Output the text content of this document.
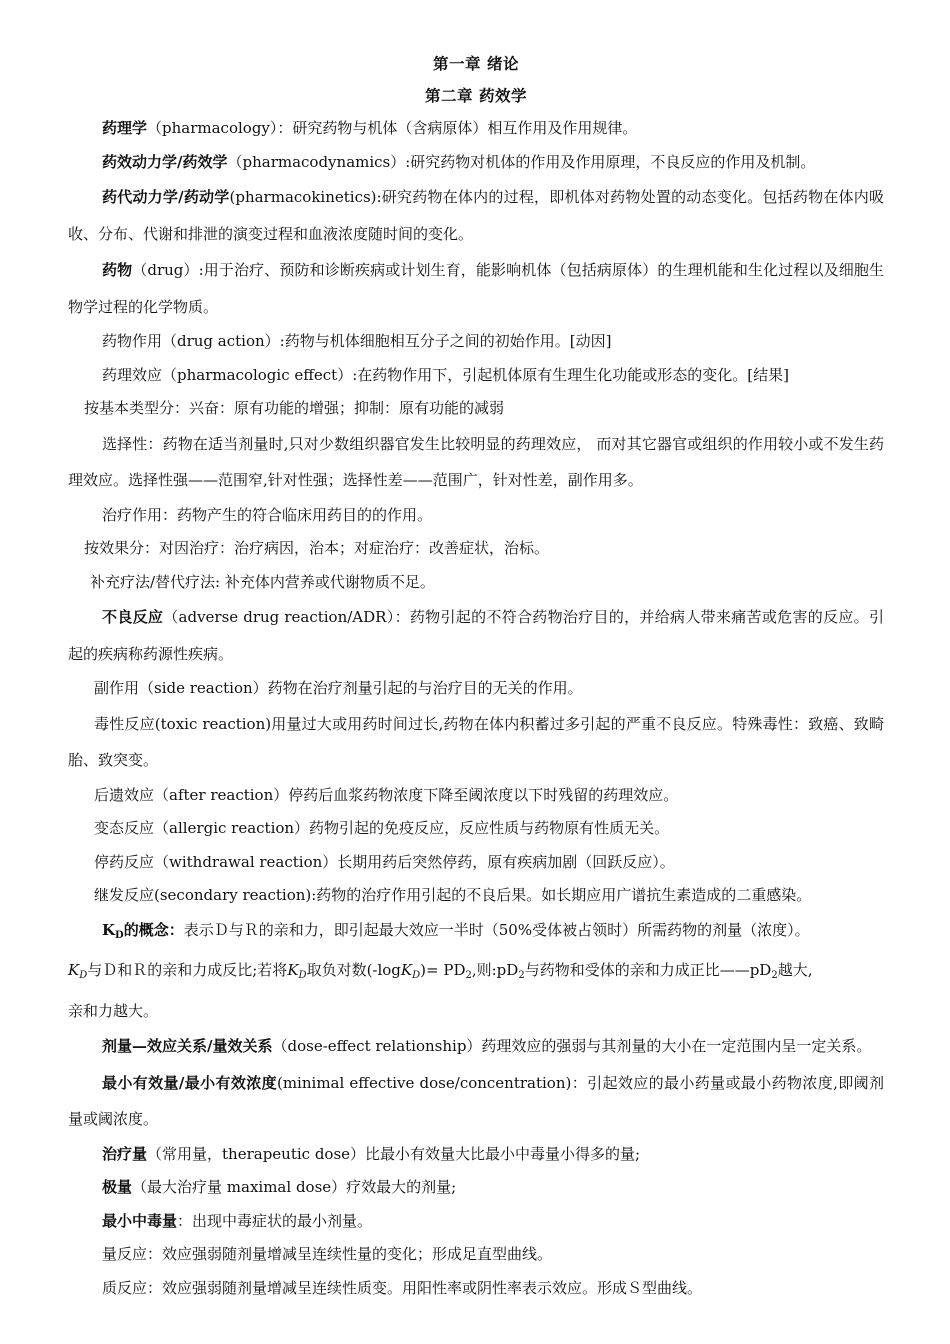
第一章 绪论
第二章 药效学

药理学（pharmacology）：研究药物与机体（含病原体）相互作用及作用规律。

药效动力学/药效学（pharmacodynamics）:研究药物对机体的作用及作用原理，不良反应的作用及机制。

药代动力学/药动学(pharmacokinetics):研究药物在体内的过程，即机体对药物处置的动态变化。包括药物在体内吸收、分布、代谢和排泄的演变过程和血液浓度随时间的变化。

药物（drug）:用于治疗、预防和诊断疾病或计划生育，能影响机体（包括病原体）的生理机能和生化过程以及细胞生物学过程的化学物质。

药物作用（drug action）:药物与机体细胞相互分子之间的初始作用。[动因]

药理效应（pharmacologic effect）:在药物作用下，引起机体原有生理生化功能或形态的变化。[结果]

按基本类型分：兴奋：原有功能的增强；抑制：原有功能的减弱

选择性：药物在适当剂量时,只对少数组织器官发生比较明显的药理效应， 而对其它器官或组织的作用较小或不发生药理效应。选择性强——范围窄,针对性强；选择性差——范围广，针对性差，副作用多。

治疗作用：药物产生的符合临床用药目的的作用。

按效果分：对因治疗：治疗病因，治本；对症治疗：改善症状，治标。

补充疗法/替代疗法: 补充体内营养或代谢物质不足。

不良反应（adverse drug reaction/ADR）：药物引起的不符合药物治疗目的，并给病人带来痛苦或危害的反应。引起的疾病称药源性疾病。

副作用（side reaction）药物在治疗剂量引起的与治疗目的无关的作用。

毒性反应(toxic reaction)用量过大或用药时间过长,药物在体内积蓄过多引起的严重不良反应。特殊毒性：致癌、致畸胎、致突变。

后遗效应（after reaction）停药后血浆药物浓度下降至阈浓度以下时残留的药理效应。

变态反应（allergic reaction）药物引起的免疫反应，反应性质与药物原有性质无关。

停药反应（withdrawal reaction）长期用药后突然停药，原有疾病加剧（回跃反应）。

继发反应(secondary reaction):药物的治疗作用引起的不良后果。如长期应用广谱抗生素造成的二重感染。

$K_D$的概念：表示Ｄ与Ｒ的亲和力，即引起最大效应一半时（50%受体被占领时）所需药物的剂量（浓度）。
$K_D$与Ｄ和Ｒ的亲和力成反比;若将$K_D$取负对数$(-\log K_D)= PD_2$,则$:pD_2$与药物和受体的亲和力成正比$——pD_2$越大,
亲和力越大。

剂量—效应关系/量效关系（dose-effect relationship）药理效应的强弱与其剂量的大小在一定范围内呈一定关系。

最小有效量/最小有效浓度(minimal effective dose/concentration)：引起效应的最小药量或最小药物浓度,即阈剂量或阈浓度。

治疗量（常用量，therapeutic dose）比最小有效量大比最小中毒量小得多的量;

极量（最大治疗量 maximal dose）疗效最大的剂量;

最小中毒量：出现中毒症状的最小剂量。

量反应：效应强弱随剂量增减呈连续性量的变化；形成足直型曲线。

质反应：效应强弱随剂量增减呈连续性质变。用阳性率或阴性率表示效应。形成Ｓ型曲线。
